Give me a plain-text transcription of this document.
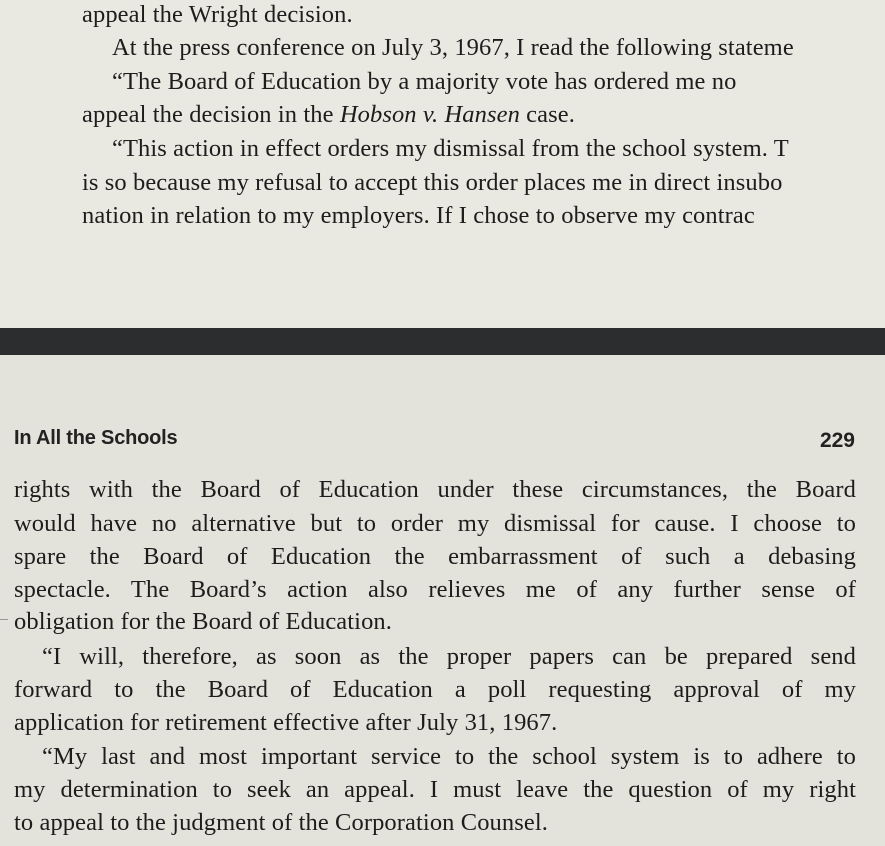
appeal the Wright decision.
At the press conference on July 3, 1967, I read the following stateme
“The Board of Education by a majority vote has ordered me no
appeal the decision in the Hobson v. Hansen case.
“This action in effect orders my dismissal from the school system. T
is so because my refusal to accept this order places me in direct insubo
nation in relation to my employers. If I chose to observe my contrac
In All the Schools	229
rights with the Board of Education under these circumstances, the Board
would have no alternative but to order my dismissal for cause. I choose to
spare the Board of Education the embarrassment of such a debasing
spectacle. The Board’s action also relieves me of any further sense of
obligation for the Board of Education.
“I will, therefore, as soon as the proper papers can be prepared send
forward to the Board of Education a poll requesting approval of my
application for retirement effective after July 31, 1967.
“My last and most important service to the school system is to adhere to
my determination to seek an appeal. I must leave the question of my right
to appeal to the judgment of the Corporation Counsel.
